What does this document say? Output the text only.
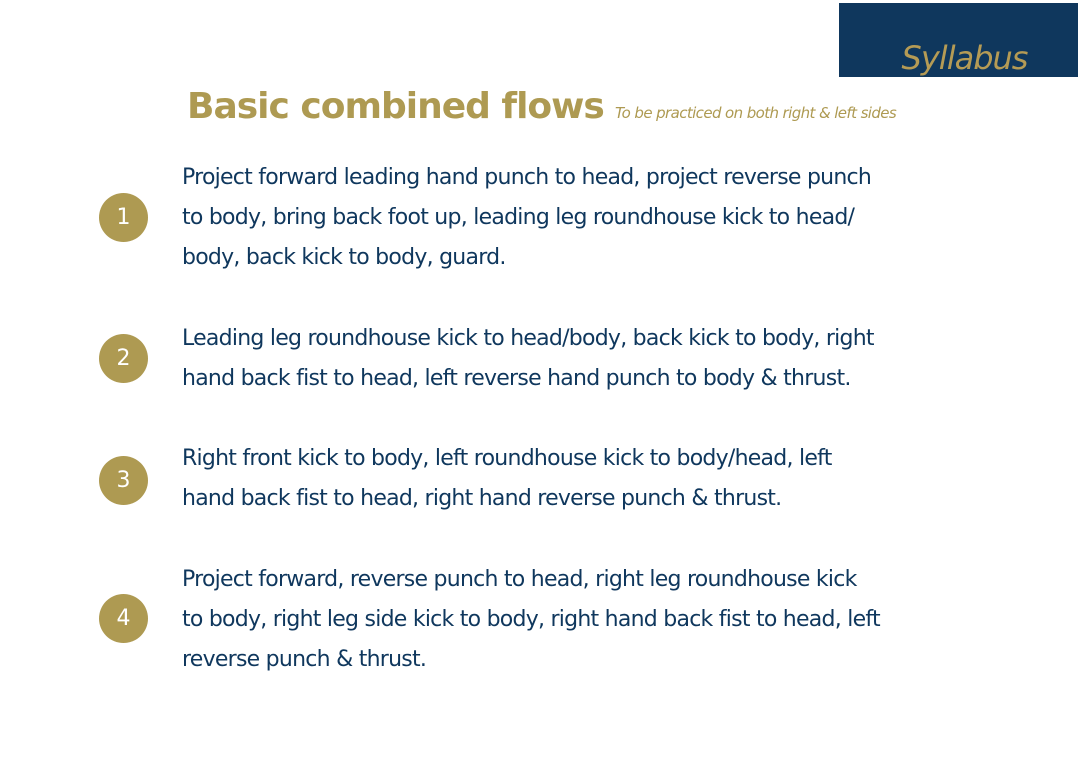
Syllabus
Basic combined flows To be practiced on both right & left sides
1
Project forward leading hand punch to head, project reverse punch
to body, bring back foot up, leading leg roundhouse kick to head/
body, back kick to body, guard.
2
Leading leg roundhouse kick to head/body, back kick to body, right
hand back fist to head, left reverse hand punch to body & thrust.
3
Right front kick to body, left roundhouse kick to body/head, left
hand back fist to head, right hand reverse punch & thrust.
4
Project forward, reverse punch to head, right leg roundhouse kick
to body, right leg side kick to body, right hand back fist to head, left
reverse punch & thrust.
